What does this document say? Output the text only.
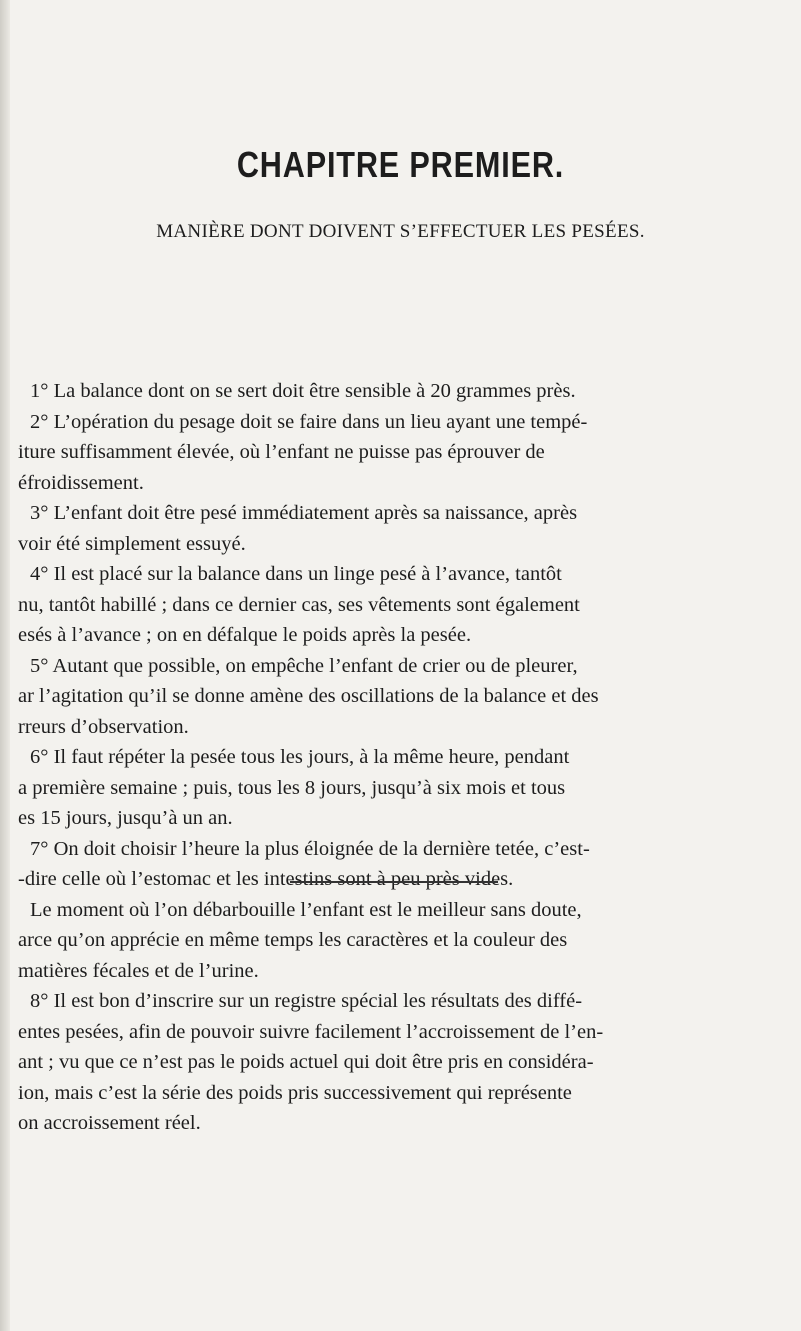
CHAPITRE PREMIER.
MANIÈRE DONT DOIVENT S’EFFECTUER LES PESÉES.
1° La balance dont on se sert doit être sensible à 20 grammes près.
2° L’opération du pesage doit se faire dans un lieu ayant une tempé-
iture suffisamment élevée, où l’enfant ne puisse pas éprouver de
éfroidissement.
3° L’enfant doit être pesé immédiatement après sa naissance, après
voir été simplement essuyé.
4° Il est placé sur la balance dans un linge pesé à l’avance, tantôt
nu, tantôt habillé ; dans ce dernier cas, ses vêtements sont également
esés à l’avance ; on en défalque le poids après la pesée.
5° Autant que possible, on empêche l’enfant de crier ou de pleurer,
ar l’agitation qu’il se donne amène des oscillations de la balance et des
rreurs d’observation.
6° Il faut répéter la pesée tous les jours, à la même heure, pendant
a première semaine ; puis, tous les 8 jours, jusqu’à six mois et tous
es 15 jours, jusqu’à un an.
7° On doit choisir l’heure la plus éloignée de la dernière tetée, c’est-
-dire celle où l’estomac et les intestins sont à peu près vides.
Le moment où l’on débarbouille l’enfant est le meilleur sans doute,
arce qu’on apprécie en même temps les caractères et la couleur des
matières fécales et de l’urine.
8° Il est bon d’inscrire sur un registre spécial les résultats des diffé-
entes pesées, afin de pouvoir suivre facilement l’accroissement de l’en-
ant ; vu que ce n’est pas le poids actuel qui doit être pris en considéra-
ion, mais c’est la série des poids pris successivement qui représente
on accroissement réel.
